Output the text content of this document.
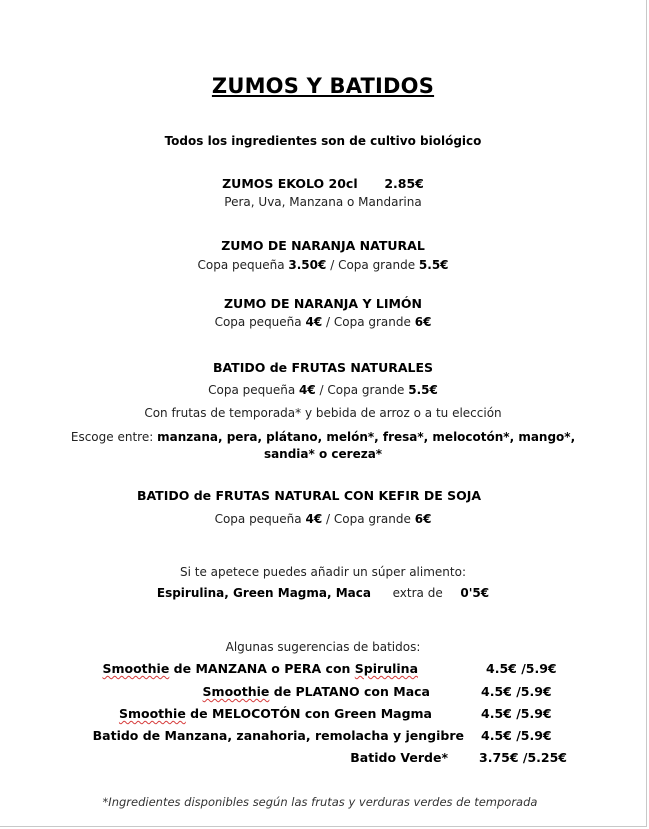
ZUMOS Y BATIDOS
Todos los ingredientes son de cultivo biológico
ZUMOS EKOLO 20cl 2.85€
Pera, Uva, Manzana o Mandarina
ZUMO DE NARANJA NATURAL
Copa pequeña 3.50€ / Copa grande 5.5€
ZUMO DE NARANJA Y LIMÓN
Copa pequeña 4€ / Copa grande 6€
BATIDO de FRUTAS NATURALES
Copa pequeña 4€ / Copa grande 5.5€
Con frutas de temporada* y bebida de arroz o a tu elección
Escoge entre: manzana, pera, plátano, melón*, fresa*, melocotón*, mango*,
sandia* o cereza*
BATIDO de FRUTAS NATURAL CON KEFIR DE SOJA
Copa pequeña 4€ / Copa grande 6€
Si te apetece puedes añadir un súper alimento:
Espirulina, Green Magma, Maca extra de 0'5€
Algunas sugerencias de batidos:
Smoothie de MANZANA o PERA con Spirulina	4.5€ /5.9€
Smoothie de PLATANO con Maca	4.5€ /5.9€
Smoothie de MELOCOTÓN con Green Magma	4.5€ /5.9€
Batido de Manzana, zanahoria, remolacha y jengibre 4.5€ /5.9€
Batido Verde* 3.75€ /5.25€
*Ingredientes disponibles según las frutas y verduras verdes de temporada
